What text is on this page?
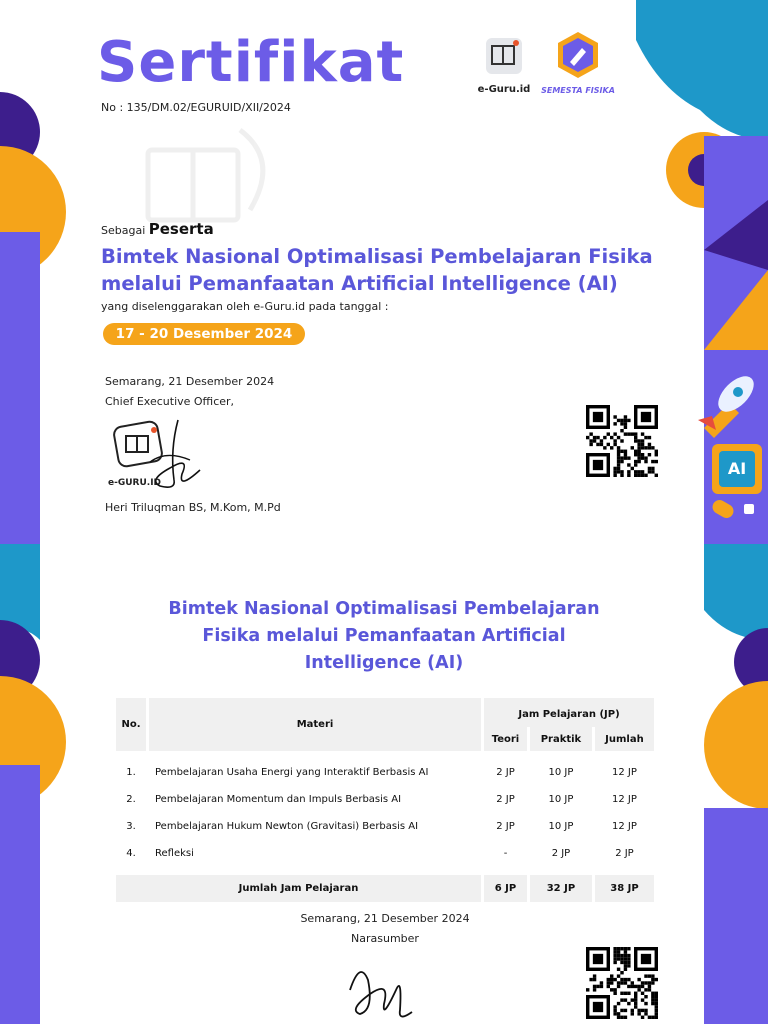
AI
Sertifikat
No : 135/DM.02/EGURUID/XII/2024
e-Guru.id	SEMESTA FISIKA
Sebagai Peserta
Bimtek Nasional Optimalisasi Pembelajaran Fisika
melalui Pemanfaatan Artificial Intelligence (AI)
yang diselenggarakan oleh e-Guru.id pada tanggal :
17 - 20 Desember 2024
Semarang, 21 Desember 2024
Chief Executive Officer,
e-GURU.ID
Heri Triluqman BS, M.Kom, M.Pd
Bimtek Nasional Optimalisasi Pembelajaran
Fisika melalui Pemanfaatan Artificial
Intelligence (AI)
No.	Materi	Jam Pelajaran (JP)		
		Teori	Praktik	Jumlah

1.	Pembelajaran Usaha Energi yang Interaktif Berbasis AI	2 JP	10 JP	12 JP
2.	Pembelajaran Momentum dan Impuls Berbasis AI	2 JP	10 JP	12 JP
3.	Pembelajaran Hukum Newton (Gravitasi) Berbasis AI	2 JP	10 JP	12 JP
4.	Refleksi	-	2 JP	2 JP

Jumlah Jam Pelajaran		6 JP	32 JP	38 JP
Semarang, 21 Desember 2024
Narasumber
